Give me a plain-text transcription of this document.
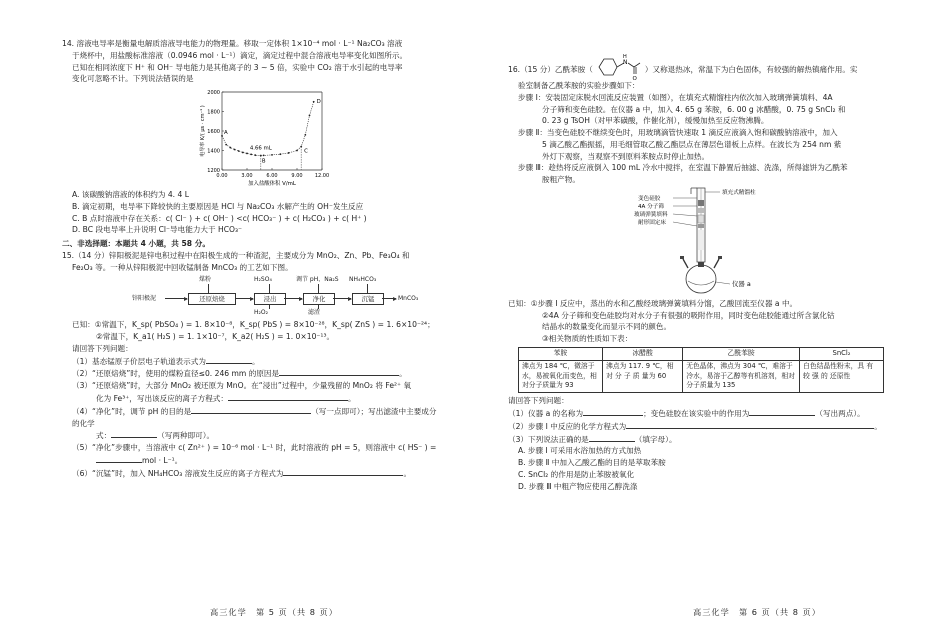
14. 溶液电导率是衡量电解质溶液导电能力的物理量。移取一定体积 1×10⁻⁴ mol · L⁻¹ Na₂CO₃ 溶液

于烧杯中，用盐酸标准溶液（0.0946 mol · L⁻¹）滴定，滴定过程中混合溶液电导率变化如图所示。

已知在相同浓度下 H⁺ 和 OH⁻ 导电能力是其他离子的 3 ~ 5 倍，实验中 CO₂ 溶于水引起的电导率

变化可忽略不计。下列说法错误的是

0.00	3.00	6.00	9.00 12.00
1200
1400
1600
1800
2000
加入盐酸体积 V/mL
电导率 K/( μs · cm⁻¹ )	A
B
C
D
4.66 mL

A. 该碳酸钠溶液的体积约为 4. 4 L

B. 滴定初期，电导率下降较快的主要原因是 HCl 与 Na₂CO₃ 水解产生的 OH⁻发生反应

C. B 点时溶液中存在关系：c( Cl⁻ ) + c( OH⁻ ) <c( HCO₃⁻ ) + c( H₂CO₃ ) + c( H⁺ )

D. BC 段电导率上升说明 Cl⁻导电能力大于 HCO₃⁻

二、非选择题：本题共 4 小题，共 58 分。

15.（14 分）锌阳极泥是锌电积过程中在阳极生成的一种渣泥，主要成分为 MnO₂、Zn、Pb、Fe₃O₄ 和

Fe₂O₃ 等。一种从锌阳极泥中回收锰制备 MnCO₃ 的工艺如下图。

锌阳极泥	还原焙烧
煤粉
浸出
H₂SO₄
H₂O₂
净化
调节 pH、Na₂S
滤渣
沉锰
NH₄HCO₃
MnCO₃

已知：①常温下，K_sp( PbSO₄ ) = 1. 8×10⁻⁸，K_sp( PbS ) = 8×10⁻²⁸，K_sp( ZnS ) = 1. 6×10⁻²⁴；

②常温下，K_a1( H₂S ) = 1. 1×10⁻⁷，K_a2( H₂S ) = 1. 0×10⁻¹³。

请回答下列问题：

（1）基态锰原子价层电子轨道表示式为	。

（2）“还原焙烧”时，使用的煤粉直径≤0. 246 mm 的原因是	。

（3）“还原焙烧”时，大部分 MnO₂ 被还原为 MnO。在“浸出”过程中，少量残留的 MnO₂ 将 Fe²⁺ 氧

化为 Fe³⁺，写出该反应的离子方程式：	。

（4）“净化”时，调节 pH 的目的是	（写一点即可）；写出滤渣中主要成分的化学

式：	（写两种即可）。

（5）“净化”步骤中，当溶液中 c( Zn²⁺ ) = 10⁻⁶ mol · L⁻¹ 时，此时溶液的 pH = 5，则溶液中 c( HS⁻ ) =

mol · L⁻¹。

（6）“沉锰”时，加入 NH₄HCO₃ 溶液发生反应的离子方程式为	。

高三化学　第 5 页（共 8 页）

16.（15 分）乙酰苯胺（
N
H
O
）又称退热冰，常温下为白色固体，有较强的解热镇痛作用。实

验室制备乙酰苯胺的实验步骤如下：

步骤 Ⅰ：安装固定床脱水回流反应装置（如图），在填充式精馏柱内依次加入玻璃弹簧填料、4A

分子筛和变色硅胶。在仪器 a 中，加入 4. 65 g 苯胺，6. 00 g 冰醋酸，0. 75 g SnCl₂ 和

0. 23 g TsOH（对甲苯磺酸，作催化剂），缓慢加热至反应物沸腾。

步骤 Ⅱ：当变色硅胶不继续变色时，用玻璃滴管快速取 1 滴反应液滴入饱和碳酸钠溶液中，加入

5 滴乙酸乙酯振摇，用毛细管取乙酸乙酯层点在薄层色谱板上点样。在波长为 254 nm 紫

外灯下观察，当观察不到原料苯胺点时停止加热。

步骤 Ⅲ：趁热将反应液倒入 100 mL 冷水中搅拌，在室温下静置后抽滤、洗涤，所得滤饼为乙酰苯

胺粗产物。

变色硅胶
4A 分子筛
玻璃弹簧填料
耐形固定床
填充式精馏柱
仪器 a

已知：①步骤 Ⅰ 反应中，蒸出的水和乙酸经玻璃弹簧填料分馏，乙酸回流至仪器 a 中。

②4A 分子筛和变色硅胶均对水分子有很强的吸附作用，同时变色硅胶能通过所含氯化钴

结晶水的数量变化而显示不同的颜色。

③相关物质的性质如下表：

苯胺	冰醋酸	乙酰苯胺	SnCl₂
沸点为 184 ℃，微溶于水，易被氧化而变色，相对分子质量为 93	沸点为 117. 9 ℃，相 对 分 子 质 量为 60	无色晶体，沸点为 304 ℃，难溶于冷水，易溶于乙醇等有机溶剂，相对分子质量为 135	白色结晶性粉末，具 有 较 强 的 还原性

请回答下列问题：

（1）仪器 a 的名称为	；变色硅胶在该实验中的作用为	（写出两点）。

（2）步骤 Ⅰ 中反应的化学方程式为	。

（3）下列说法正确的是	（填字母）。

A. 步骤 Ⅰ 可采用水浴加热的方式加热

B. 步骤 Ⅱ 中加入乙酸乙酯的目的是萃取苯胺

C. SnCl₂ 的作用是防止苯胺被氧化

D. 步骤 Ⅲ 中粗产物应使用乙醇洗涤

高三化学　第 6 页（共 8 页）
